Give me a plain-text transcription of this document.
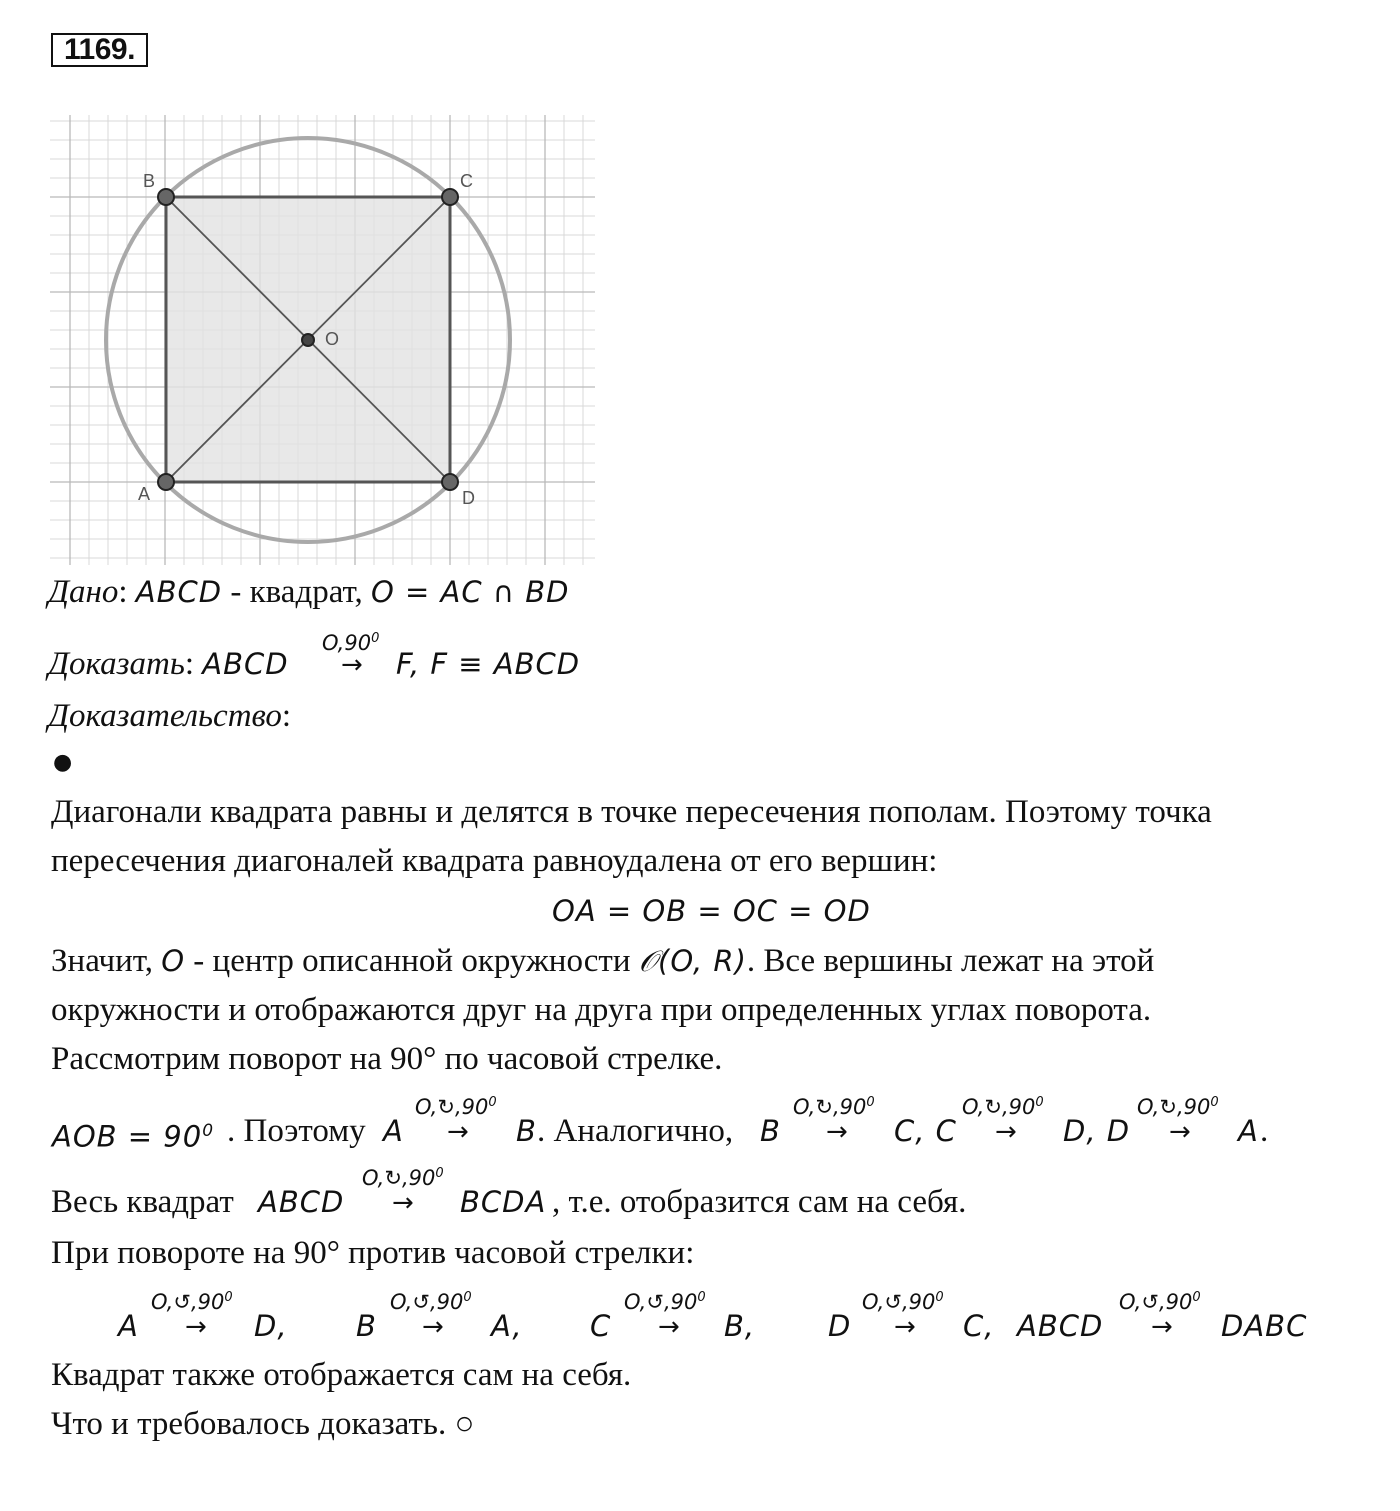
1169.
A
B	C
D
O
Дано: ABCD - квадрат, O = AC ∩ BD
Доказать: ABCD
$O,90^0$
→ F, F ≡ ABCD
Доказательство:
●
Диагонали квадрата равны и делятся в точке пересечения пополам. Поэтому точка
пересечения диагоналей квадрата равноудалена от его вершин:
OA = OB = OC = OD
Значит, O - центр описанной окружности 𝒪(O, R). Все вершины лежат на этой
окружности и отображаются друг на друга при определенных углах поворота.
Рассмотрим поворот на 90° по часовой стрелке.
AOB = $90^0$ . Поэтому A
$O,↻,90^0$
→ B . Аналогично, B
$O,↻,90^0$
→ C, C
$O,↻,90^0$
→ D, D
$O,↻,90^0$
→ A .
Весь квадрат ABCD
$O,↻,90^0$
→ BCDA , т.е. отобразится сам на себя.
При повороте на 90° против часовой стрелки:
A
$O,↺,90^0$
→ D, B
$O,↺,90^0$
→ A, C
$O,↺,90^0$
→ B,	D
$O,↺,90^0$
→ C, ABCD
$O,↺,90^0$
→ DABC
Квадрат также отображается сам на себя.
Что и требовалось доказать. ○
